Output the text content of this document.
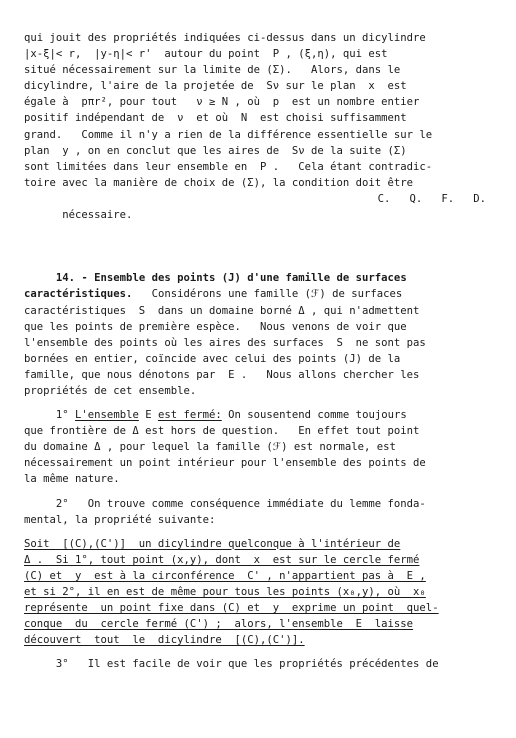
qui jouit des propriétés indiquées ci-dessus dans un dicylindre
|x-ξ|< r,  |y-η|< r'  autour du point  P , (ξ,η), qui est
situé nécessairement sur la limite de (Σ).   Alors, dans le
dicylindre, l'aire de la projetée de  Sν sur le plan  x  est
égale à  pπr², pour tout   ν ≥ N , où  p  est un nombre entier
positif indépendant de  ν  et où  N  est choisi suffisamment
grand.   Comme il n'y a rien de la différence essentielle sur le
plan  y , on en conclut que les aires de  Sν de la suite (Σ)
sont limitées dans leur ensemble en  P .   Cela étant contradic-
toire avec la manière de choix de (Σ), la condition doit être

nécessaire.

C.   Q.   F.   D.

14. - Ensemble des points (J) d'une famille de surfaces
caractéristiques.   Considérons une famille (ℱ) de surfaces
caractéristiques  S  dans un domaine borné Δ , qui n'admettent
que les points de première espèce.   Nous venons de voir que
l'ensemble des points où les aires des surfaces  S  ne sont pas
bornées en entier, coïncide avec celui des points (J) de la
famille, que nous dénotons par  E .   Nous allons chercher les
propriétés de cet ensemble.
1° L'ensemble E est fermé: On sousentend comme toujours
que frontière de Δ est hors de question.   En effet tout point
du domaine Δ , pour lequel la famille (ℱ) est normale, est
nécessairement un point intérieur pour l'ensemble des points de
la même nature.
2°   On trouve comme conséquence immédiate du lemme fonda-
mental, la propriété suivante:
Soit  [(C),(C')]  un dicylindre quelconque à l'intérieur de
Δ .  Si 1°, tout point (x,y), dont  x  est sur le cercle fermé
(C) et  y  est à la circonférence  C' , n'appartient pas à  E ,
et si 2°, il en est de même pour tous les points (x₀,y), où  x₀
représente  un point fixe dans (C) et  y  exprime un point  quel-
conque  du  cercle fermé (C') ;  alors, l'ensemble  E  laisse
découvert  tout  le  dicylindre  [(C),(C')].
3°   Il est facile de voir que les propriétés précédentes de
